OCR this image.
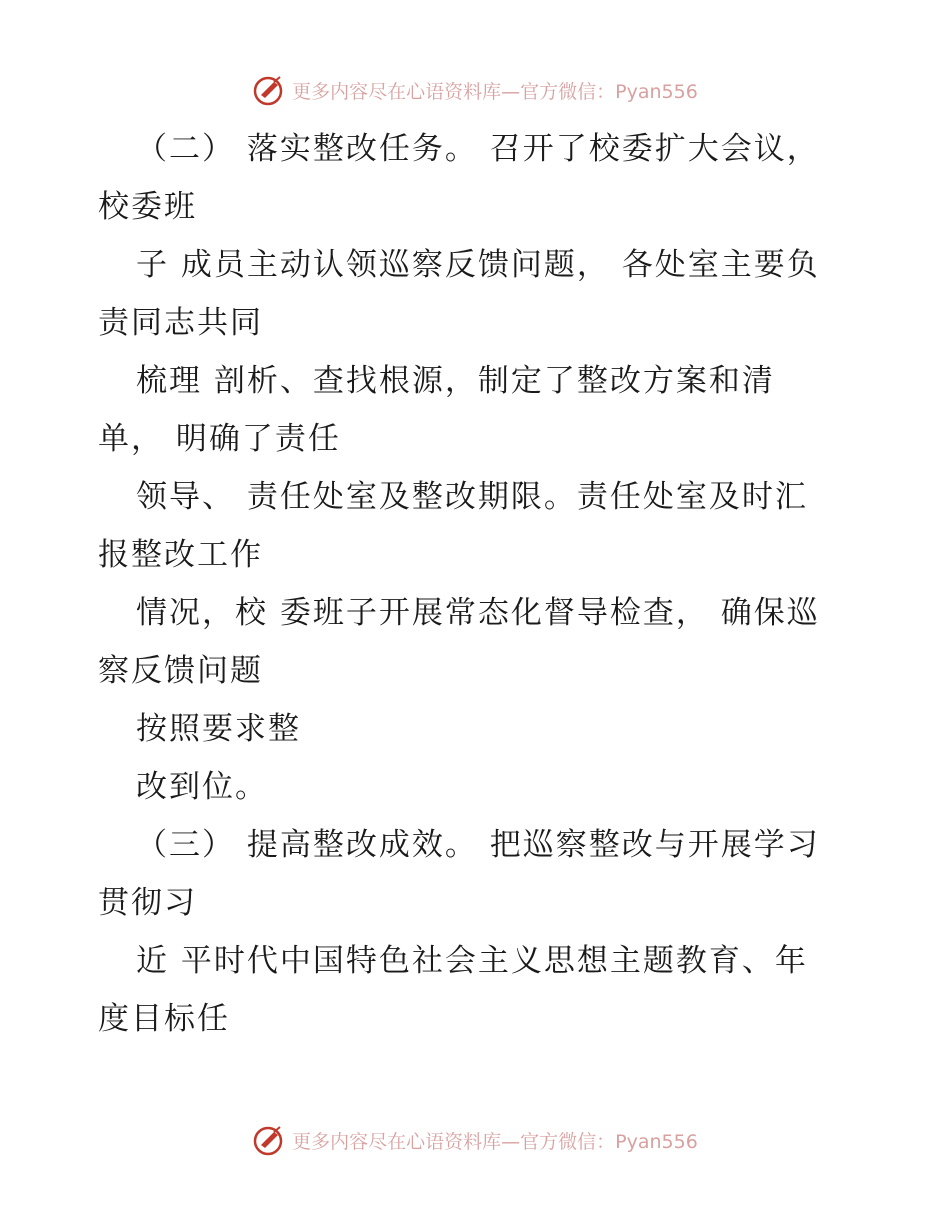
更多内容尽在心语资料库—官方微信：Pyan556
（二） 落实整改任务。 召开了校委扩大会议，
校委班
子 成员主动认领巡察反馈问题， 各处室主要负
责同志共同
梳理 剖析、查找根源，制定了整改方案和清
单， 明确了责任
领导、 责任处室及整改期限。责任处室及时汇
报整改工作
情况，校 委班子开展常态化督导检查， 确保巡
察反馈问题
按照要求整
改到位。
（三） 提高整改成效。 把巡察整改与开展学习
贯彻习
近 平时代中国特色社会主义思想主题教育、年
度目标任
更多内容尽在心语资料库—官方微信：Pyan556
